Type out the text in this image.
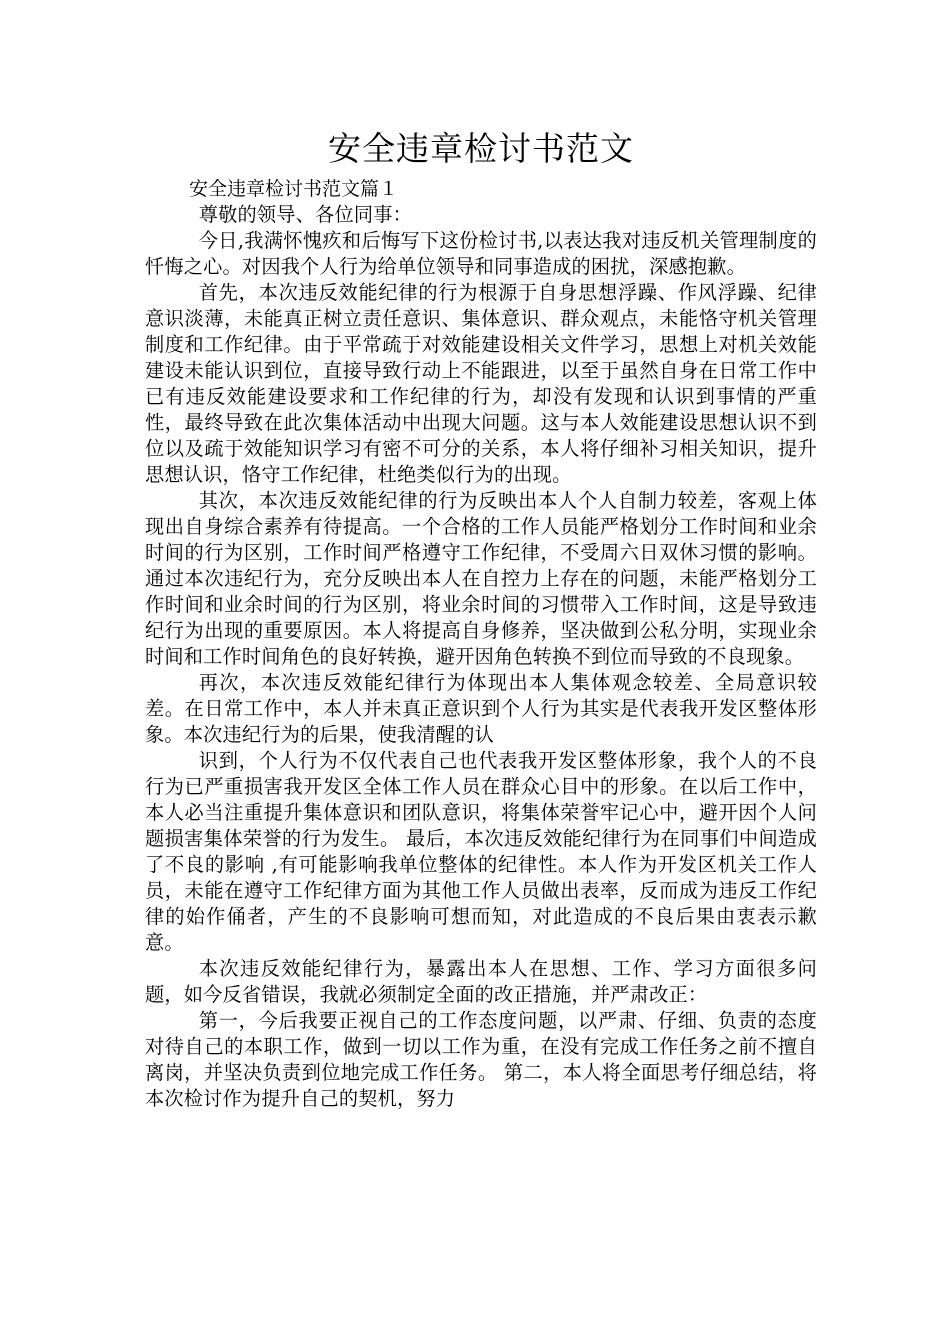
安全违章检讨书范文
安全违章检讨书范文篇１

尊敬的领导、各位同事：

今日,我满怀愧疚和后悔写下这份检讨书,以表达我对违反机关管理制度的忏悔之心。对因我个人行为给单位领导和同事造成的困扰，深感抱歉。

首先，本次违反效能纪律的行为根源于自身思想浮躁、作风浮躁、纪律意识淡薄，未能真正树立责任意识、集体意识、群众观点，未能恪守机关管理制度和工作纪律。由于平常疏于对效能建设相关文件学习，思想上对机关效能建设未能认识到位，直接导致行动上不能跟进，以至于虽然自身在日常工作中已有违反效能建设要求和工作纪律的行为，却没有发现和认识到事情的严重性，最终导致在此次集体活动中出现大问题。这与本人效能建设思想认识不到位以及疏于效能知识学习有密不可分的关系，本人将仔细补习相关知识，提升思想认识，恪守工作纪律，杜绝类似行为的出现。

其次，本次违反效能纪律的行为反映出本人个人自制力较差，客观上体现出自身综合素养有待提高。一个合格的工作人员能严格划分工作时间和业余时间的行为区别，工作时间严格遵守工作纪律，不受周六日双休习惯的影响。通过本次违纪行为，充分反映出本人在自控力上存在的问题，未能严格划分工作时间和业余时间的行为区别，将业余时间的习惯带入工作时间，这是导致违纪行为出现的重要原因。本人将提高自身修养，坚决做到公私分明，实现业余时间和工作时间角色的良好转换，避开因角色转换不到位而导致的不良现象。

再次，本次违反效能纪律行为体现出本人集体观念较差、全局意识较差。在日常工作中，本人并未真正意识到个人行为其实是代表我开发区整体形象。本次违纪行为的后果，使我清醒的认

识到，个人行为不仅代表自己也代表我开发区整体形象，我个人的不良行为已严重损害我开发区全体工作人员在群众心目中的形象。在以后工作中，本人必当注重提升集体意识和团队意识，将集体荣誉牢记心中，避开因个人问题损害集体荣誉的行为发生。 最后，本次违反效能纪律行为在同事们中间造成了不良的影响 ,有可能影响我单位整体的纪律性。本人作为开发区机关工作人员，未能在遵守工作纪律方面为其他工作人员做出表率，反而成为违反工作纪律的始作俑者，产生的不良影响可想而知，对此造成的不良后果由衷表示歉意。

本次违反效能纪律行为，暴露出本人在思想、工作、学习方面很多问题，如今反省错误，我就必须制定全面的改正措施，并严肃改正：

第一，今后我要正视自己的工作态度问题，以严肃、仔细、负责的态度对待自己的本职工作，做到一切以工作为重，在没有完成工作任务之前不擅自离岗，并坚决负责到位地完成工作任务。 第二，本人将全面思考仔细总结，将本次检讨作为提升自己的契机，努力
